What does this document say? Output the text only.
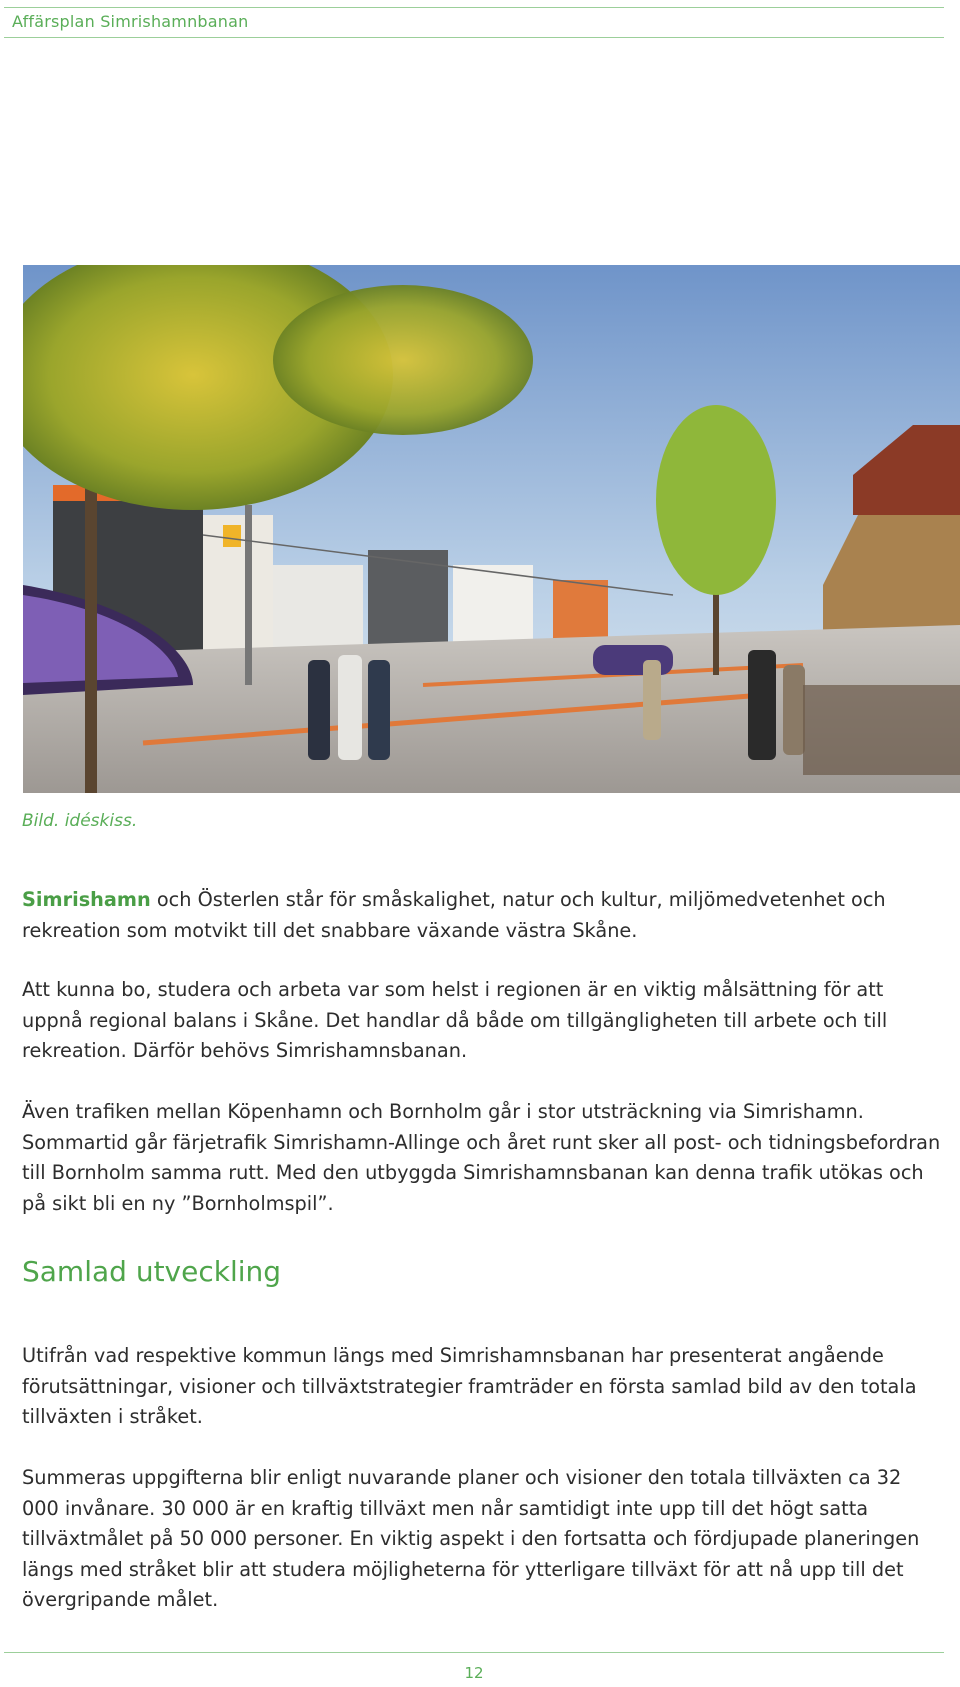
Affärsplan Simrishamnbanan
Bild. idéskiss.

Simrishamn och Österlen står för småskalighet, natur och kultur, miljömedvetenhet och rekreation som motvikt till det snabbare växande västra Skåne.

Att kunna bo, studera och arbeta var som helst i regionen är en viktig målsättning för att uppnå regional balans i Skåne. Det handlar då både om tillgängligheten till arbete och till rekreation. Därför behövs Simrishamnsbanan.

Även trafiken mellan Köpenhamn och Bornholm går i stor utsträckning via Simrishamn. Sommartid går färjetrafik Simrishamn-Allinge och året runt sker all post- och tidningsbefordran till Bornholm samma rutt. Med den utbyggda Simrishamnsbanan kan denna trafik utökas och på sikt bli en ny ”Bornholmspil”.

Samlad utveckling

Utifrån vad respektive kommun längs med Simrishamnsbanan har presenterat angående förutsättningar, visioner och tillväxtstrategier framträder en första samlad bild av den totala tillväxten i stråket.

Summeras uppgifterna blir enligt nuvarande planer och visioner den totala tillväxten ca 32 000 invånare. 30 000 är en kraftig tillväxt men når samtidigt inte upp till det högt satta tillväxtmålet på 50 000 personer. En viktig aspekt i den fortsatta och fördjupade planeringen längs med stråket blir att studera möjligheterna för ytterligare tillväxt för att nå upp till det övergripande målet.

12
